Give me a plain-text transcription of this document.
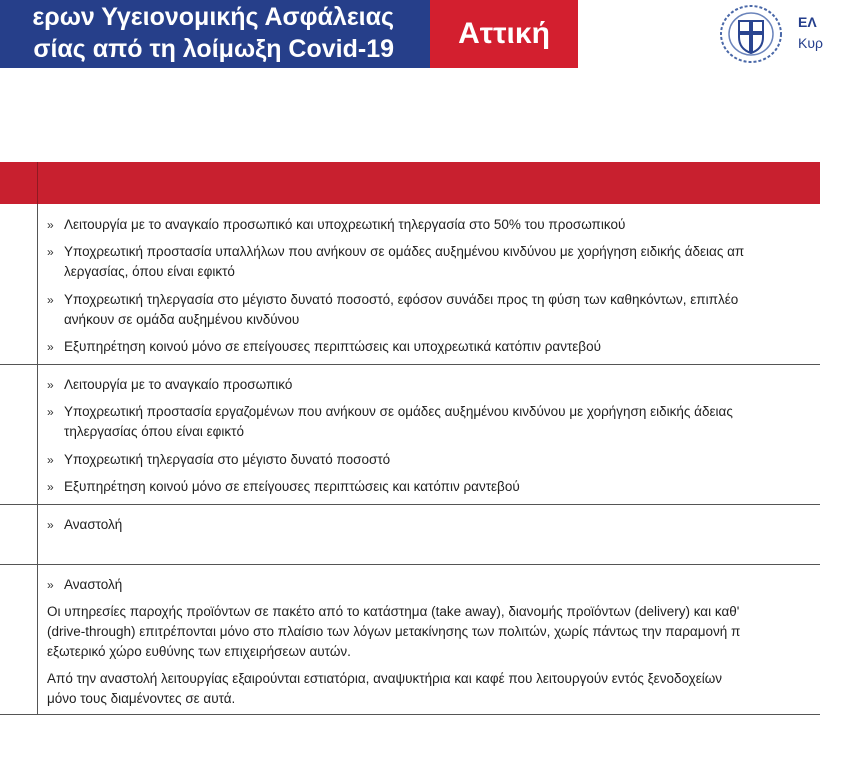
ερων Υγειονομικής Ασφάλειας
σίας από τη λοίμωξη Covid-19	Αττική	ΕΛ
Κυρ
» Λειτουργία με το αναγκαίο προσωπικό και υποχρεωτική τηλεργασία στο 50% του προσωπικού
» Υποχρεωτική προστασία υπαλλήλων που ανήκουν σε ομάδες αυξημένου κινδύνου με χορήγηση ειδικής άδειας απ
λεργασίας, όπου είναι εφικτό
» Υποχρεωτική τηλεργασία στο μέγιστο δυνατό ποσοστό, εφόσον συνάδει προς τη φύση των καθηκόντων, επιπλέο
ανήκουν σε ομάδα αυξημένου κινδύνου
» Εξυπηρέτηση κοινού μόνο σε επείγουσες περιπτώσεις και υποχρεωτικά κατόπιν ραντεβού
» Λειτουργία με το αναγκαίο προσωπικό
» Υποχρεωτική προστασία εργαζομένων που ανήκουν σε ομάδες αυξημένου κινδύνου με χορήγηση ειδικής άδειας
τηλεργασίας όπου είναι εφικτό
» Υποχρεωτική τηλεργασία στο μέγιστο δυνατό ποσοστό
» Εξυπηρέτηση κοινού μόνο σε επείγουσες περιπτώσεις και κατόπιν ραντεβού
» Αναστολή
» Αναστολή
Οι υπηρεσίες παροχής προϊόντων σε πακέτο από το κατάστημα (take away), διανομής προϊόντων (delivery) και καθ'
(drive-through) επιτρέπονται μόνο στο πλαίσιο των λόγων μετακίνησης των πολιτών, χωρίς πάντως την παραμονή π
εξωτερικό χώρο ευθύνης των επιχειρήσεων αυτών.
Από την αναστολή λειτουργίας εξαιρούνται εστιατόρια, αναψυκτήρια και καφέ που λειτουργούν εντός ξενοδοχείων
μόνο τους διαμένοντες σε αυτά.
